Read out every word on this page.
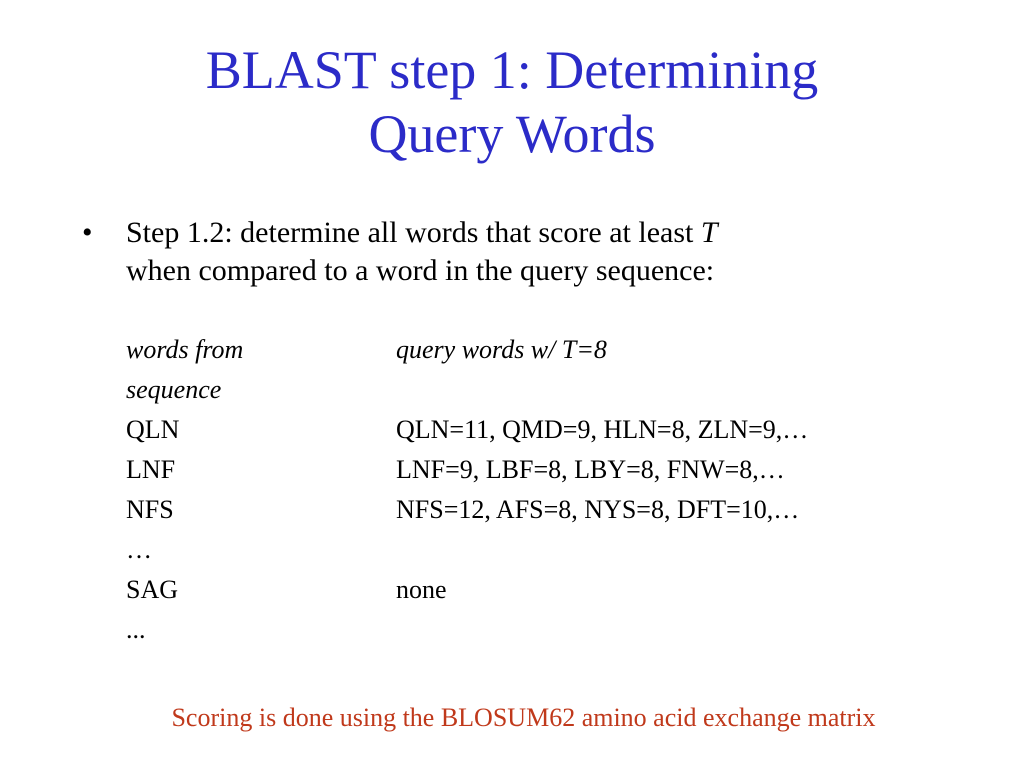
BLAST step 1: Determining
Query Words
• Step 1.2: determine all words that score at least T
when compared to a word in the query sequence:
words from	query words w/ T=8
sequence
QLN	QLN=11, QMD=9, HLN=8, ZLN=9,…
LNF	LNF=9, LBF=8, LBY=8, FNW=8,…
NFS	NFS=12, AFS=8, NYS=8, DFT=10,…
…
SAG	none
...
Scoring is done using the BLOSUM62 amino acid exchange matrix
